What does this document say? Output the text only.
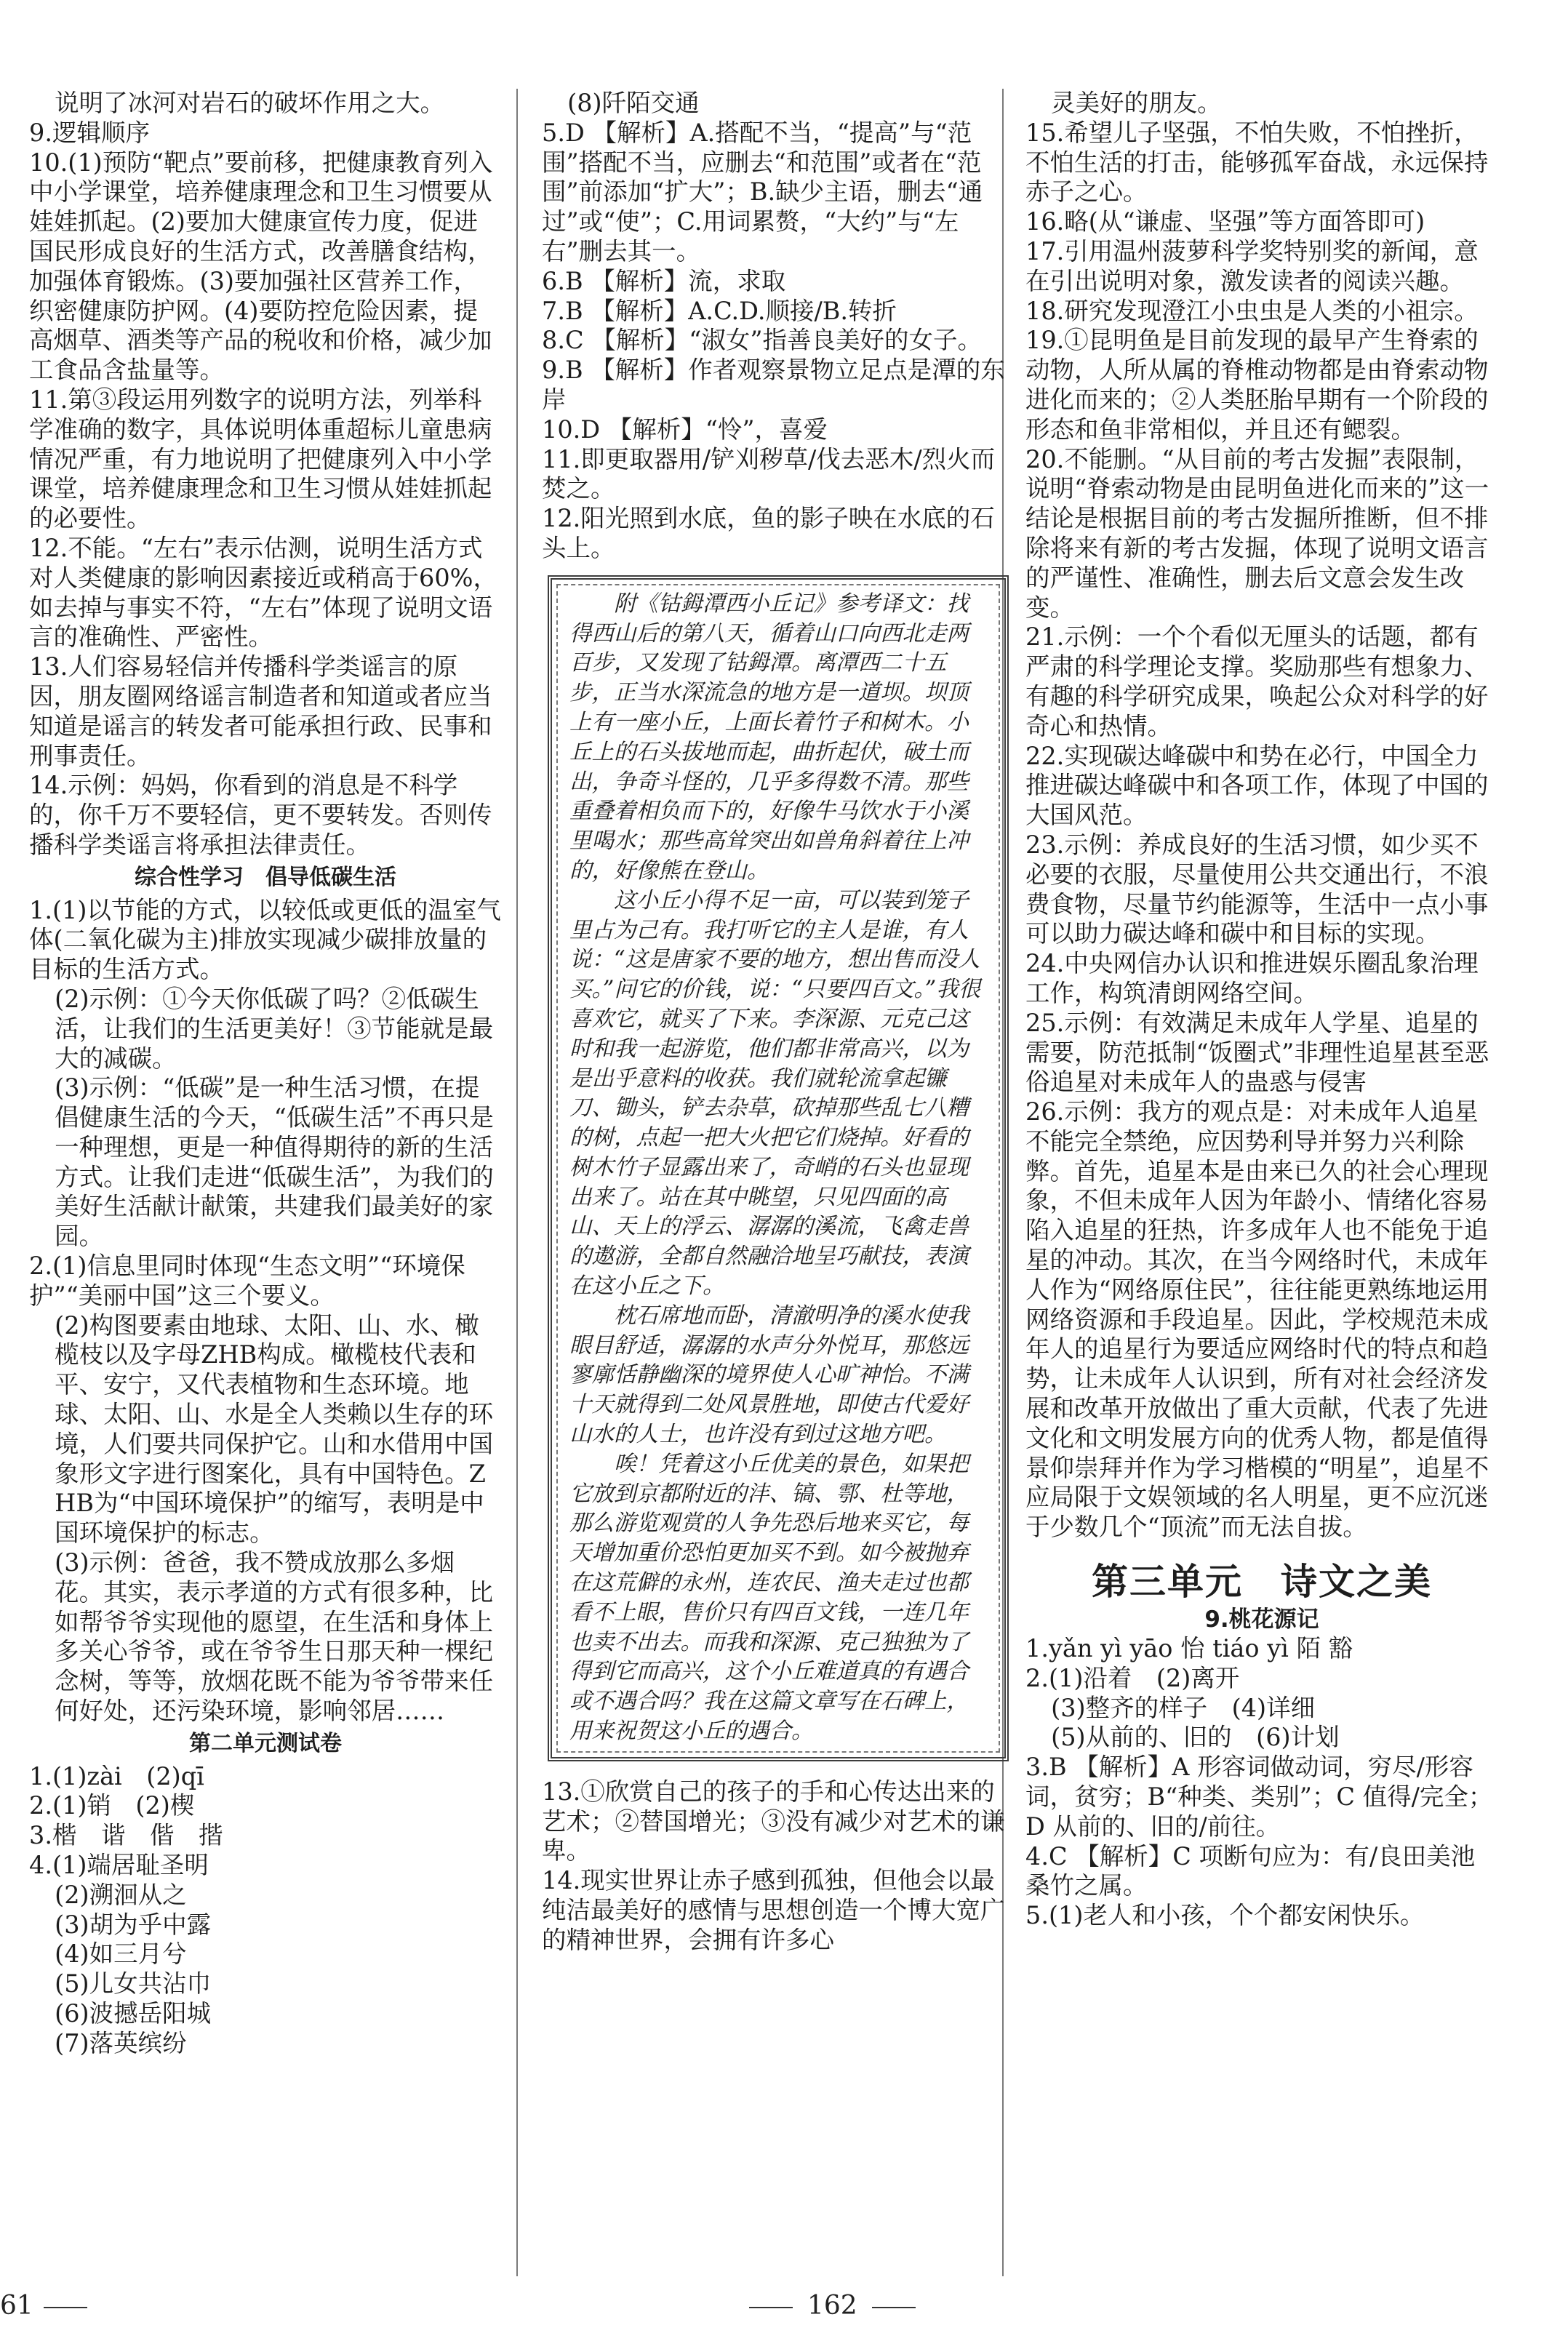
说明了冰河对岩石的破坏作用之大。

9.逻辑顺序

10.(1)预防“靶点”要前移，把健康教育列入中小学课堂，培养健康理念和卫生习惯要从娃娃抓起。(2)要加大健康宣传力度，促进国民形成良好的生活方式，改善膳食结构，加强体育锻炼。(3)要加强社区营养工作，织密健康防护网。(4)要防控危险因素，提高烟草、酒类等产品的税收和价格，减少加工食品含盐量等。

11.第③段运用列数字的说明方法，列举科学准确的数字，具体说明体重超标儿童患病情况严重，有力地说明了把健康列入中小学课堂，培养健康理念和卫生习惯从娃娃抓起的必要性。

12.不能。“左右”表示估测，说明生活方式对人类健康的影响因素接近或稍高于60%，如去掉与事实不符，“左右”体现了说明文语言的准确性、严密性。

13.人们容易轻信并传播科学类谣言的原因，朋友圈网络谣言制造者和知道或者应当知道是谣言的转发者可能承担行政、民事和刑事责任。

14.示例：妈妈，你看到的消息是不科学的，你千万不要轻信，更不要转发。否则传播科学类谣言将承担法律责任。

综合性学习　倡导低碳生活

1.(1)以节能的方式，以较低或更低的温室气体(二氧化碳为主)排放实现减少碳排放量的目标的生活方式。

(2)示例：①今天你低碳了吗？②低碳生活，让我们的生活更美好！③节能就是最大的减碳。

(3)示例：“低碳”是一种生活习惯，在提倡健康生活的今天，“低碳生活”不再只是一种理想，更是一种值得期待的新的生活方式。让我们走进“低碳生活”，为我们的美好生活献计献策，共建我们最美好的家园。

2.(1)信息里同时体现“生态文明”“环境保护”“美丽中国”这三个要义。

(2)构图要素由地球、太阳、山、水、橄榄枝以及字母ZHB构成。橄榄枝代表和平、安宁，又代表植物和生态环境。地球、太阳、山、水是全人类赖以生存的环境，人们要共同保护它。山和水借用中国象形文字进行图案化，具有中国特色。ZHB为“中国环境保护”的缩写，表明是中国环境保护的标志。

(3)示例：爸爸，我不赞成放那么多烟花。其实，表示孝道的方式有很多种，比如帮爷爷实现他的愿望，在生活和身体上多关心爷爷，或在爷爷生日那天种一棵纪念树，等等，放烟花既不能为爷爷带来任何好处，还污染环境，影响邻居……

第二单元测试卷

1.(1)zài　(2)qī

2.(1)销　(2)楔

3.楷　谐　偕　揩

4.(1)端居耻圣明

(2)溯洄从之

(3)胡为乎中露

(4)如三月兮

(5)儿女共沾巾

(6)波撼岳阳城

(7)落英缤纷

(8)阡陌交通

5.D 【解析】A.搭配不当，“提高”与“范围”搭配不当，应删去“和范围”或者在“范围”前添加“扩大”；B.缺少主语，删去“通过”或“使”；C.用词累赘，“大约”与“左右”删去其一。

6.B 【解析】流，求取

7.B 【解析】A.C.D.顺接/B.转折

8.C 【解析】“淑女”指善良美好的女子。

9.B 【解析】作者观察景物立足点是潭的东岸

10.D 【解析】“怜”，喜爱

11.即更取器用/铲刈秽草/伐去恶木/烈火而焚之。

12.阳光照到水底，鱼的影子映在水底的石头上。

附《钴鉧潭西小丘记》参考译文：找得西山后的第八天，循着山口向西北走两百步，又发现了钴鉧潭。离潭西二十五步，正当水深流急的地方是一道坝。坝顶上有一座小丘，上面长着竹子和树木。小丘上的石头拔地而起，曲折起伏，破土而出，争奇斗怪的，几乎多得数不清。那些重叠着相负而下的，好像牛马饮水于小溪里喝水；那些高耸突出如兽角斜着往上冲的，好像熊在登山。

这小丘小得不足一亩，可以装到笼子里占为己有。我打听它的主人是谁，有人说：“这是唐家不要的地方，想出售而没人买。”问它的价钱，说：“只要四百文。”我很喜欢它，就买了下来。李深源、元克己这时和我一起游览，他们都非常高兴，以为是出乎意料的收获。我们就轮流拿起镰刀、锄头，铲去杂草，砍掉那些乱七八糟的树，点起一把大火把它们烧掉。好看的树木竹子显露出来了，奇峭的石头也显现出来了。站在其中眺望，只见四面的高山、天上的浮云、潺潺的溪流，飞禽走兽的遨游，全都自然融洽地呈巧献技，表演在这小丘之下。

枕石席地而卧，清澈明净的溪水使我眼目舒适，潺潺的水声分外悦耳，那悠远寥廓恬静幽深的境界使人心旷神怡。不满十天就得到二处风景胜地，即使古代爱好山水的人士，也许没有到过这地方吧。

唉！凭着这小丘优美的景色，如果把它放到京都附近的沣、镐、鄠、杜等地，那么游览观赏的人争先恐后地来买它，每天增加重价恐怕更加买不到。如今被抛弃在这荒僻的永州，连农民、渔夫走过也都看不上眼，售价只有四百文钱，一连几年也卖不出去。而我和深源、克己独独为了得到它而高兴，这个小丘难道真的有遇合或不遇合吗？我在这篇文章写在石碑上，用来祝贺这小丘的遇合。

13.①欣赏自己的孩子的手和心传达出来的艺术；②替国增光；③没有减少对艺术的谦卑。

14.现实世界让赤子感到孤独，但他会以最纯洁最美好的感情与思想创造一个博大宽广的精神世界，会拥有许多心

灵美好的朋友。

15.希望儿子坚强，不怕失败，不怕挫折，不怕生活的打击，能够孤军奋战，永远保持赤子之心。

16.略(从“谦虚、坚强”等方面答即可)

17.引用温州菠萝科学奖特别奖的新闻，意在引出说明对象，激发读者的阅读兴趣。

18.研究发现澄江小虫虫是人类的小祖宗。

19.①昆明鱼是目前发现的最早产生脊索的动物，人所从属的脊椎动物都是由脊索动物进化而来的；②人类胚胎早期有一个阶段的形态和鱼非常相似，并且还有鳃裂。

20.不能删。“从目前的考古发掘”表限制，说明“脊索动物是由昆明鱼进化而来的”这一结论是根据目前的考古发掘所推断，但不排除将来有新的考古发掘，体现了说明文语言的严谨性、准确性，删去后文意会发生改变。

21.示例：一个个看似无厘头的话题，都有严肃的科学理论支撑。奖励那些有想象力、有趣的科学研究成果，唤起公众对科学的好奇心和热情。

22.实现碳达峰碳中和势在必行，中国全力推进碳达峰碳中和各项工作，体现了中国的大国风范。

23.示例：养成良好的生活习惯，如少买不必要的衣服，尽量使用公共交通出行，不浪费食物，尽量节约能源等，生活中一点小事可以助力碳达峰和碳中和目标的实现。

24.中央网信办认识和推进娱乐圈乱象治理工作，构筑清朗网络空间。

25.示例：有效满足未成年人学星、追星的需要，防范抵制“饭圈式”非理性追星甚至恶俗追星对未成年人的蛊惑与侵害

26.示例：我方的观点是：对未成年人追星不能完全禁绝，应因势利导并努力兴利除弊。首先，追星本是由来已久的社会心理现象，不但未成年人因为年龄小、情绪化容易陷入追星的狂热，许多成年人也不能免于追星的冲动。其次，在当今网络时代，未成年人作为“网络原住民”，往往能更熟练地运用网络资源和手段追星。因此，学校规范未成年人的追星行为要适应网络时代的特点和趋势，让未成年人认识到，所有对社会经济发展和改革开放做出了重大贡献，代表了先进文化和文明发展方向的优秀人物，都是值得景仰崇拜并作为学习楷模的“明星”，追星不应局限于文娱领域的名人明星，更不应沉迷于少数几个“顶流”而无法自拔。

第三单元　诗文之美
9.桃花源记

1.yǎn yì yāo 怡 tiáo yì 陌 豁

2.(1)沿着　(2)离开

(3)整齐的样子　(4)详细

(5)从前的、旧的　(6)计划

3.B 【解析】A 形容词做动词，穷尽/形容词，贫穷；B“种类、类别”；C 值得/完全；D 从前的、旧的/前往。

4.C 【解析】C 项断句应为：有/良田美池桑竹之属。

5.(1)老人和小孩，个个都安闲快乐。

61	162
